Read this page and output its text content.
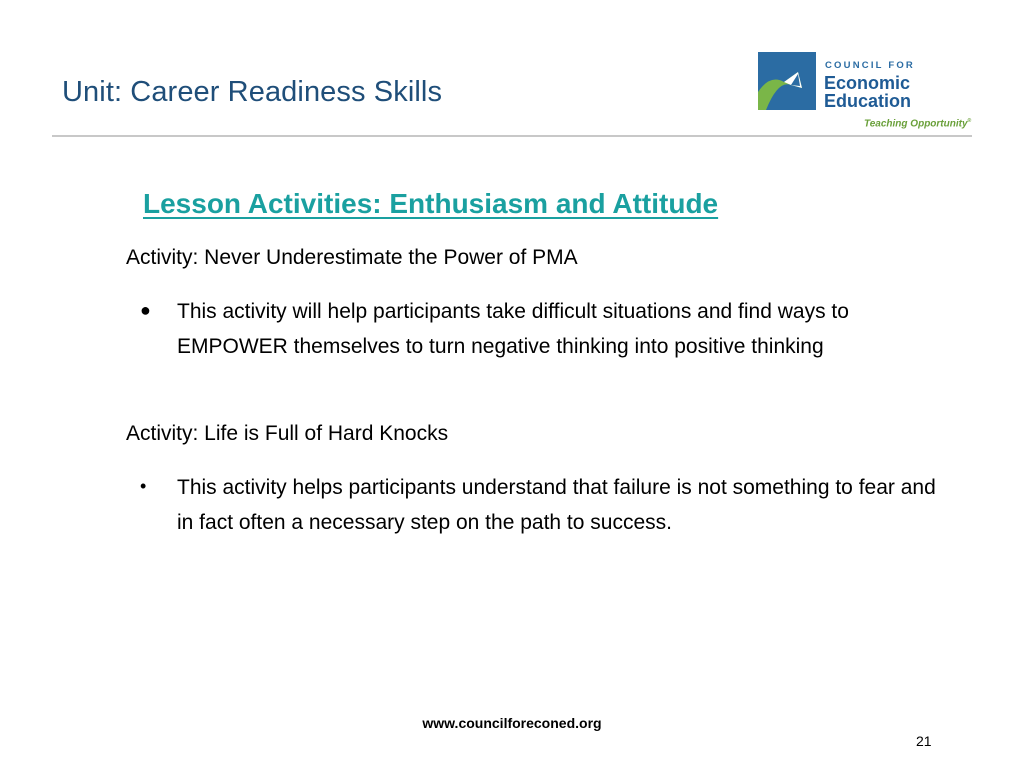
Unit: Career Readiness Skills
COUNCIL FOR
Economic
Education
Teaching Opportunity®
Lesson Activities: Enthusiasm and Attitude
Activity: Never Underestimate the Power of PMA
● This activity will help participants take difficult situations and find ways to EMPOWER themselves to turn negative thinking into positive thinking
Activity: Life is Full of Hard Knocks
• This activity helps participants understand that failure is not something to fear and in fact often a necessary step on the path to success.
www.councilforeconed.org
21
